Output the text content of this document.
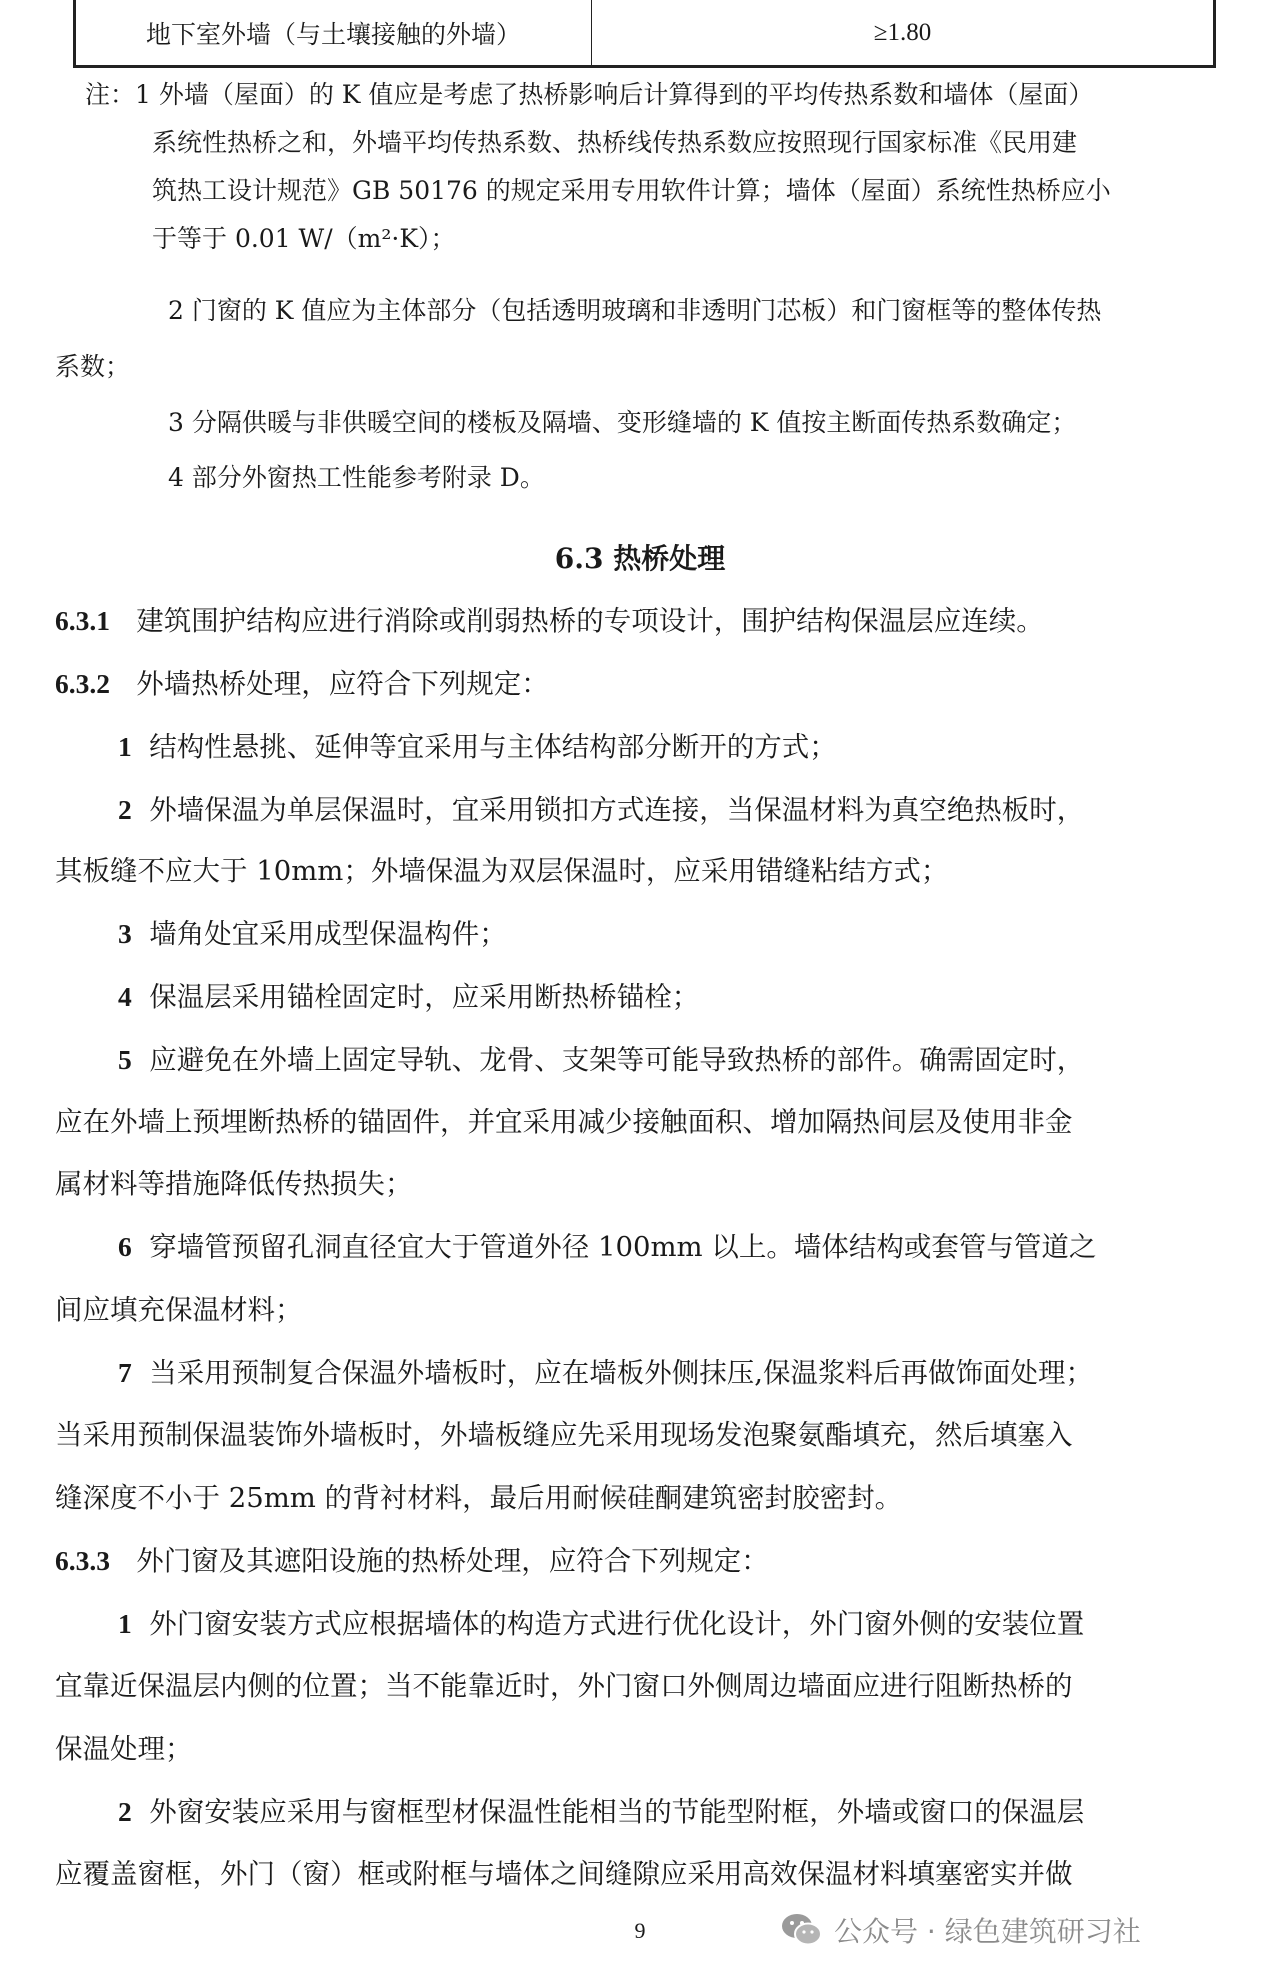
地下室外墙（与土壤接触的外墙）	≥1.80
注：1 外墙（屋面）的 K 值应是考虑了热桥影响后计算得到的平均传热系数和墙体（屋面）
系统性热桥之和，外墙平均传热系数、热桥线传热系数应按照现行国家标准《民用建
筑热工设计规范》GB 50176 的规定采用专用软件计算；墙体（屋面）系统性热桥应小
于等于 0.01 W/（m²·K）；
2 门窗的 K 值应为主体部分（包括透明玻璃和非透明门芯板）和门窗框等的整体传热
系数；
3 分隔供暖与非供暖空间的楼板及隔墙、变形缝墙的 K 值按主断面传热系数确定；
4 部分外窗热工性能参考附录 D。
6.3 热桥处理
6.3.1 建筑围护结构应进行消除或削弱热桥的专项设计，围护结构保温层应连续。
6.3.2 外墙热桥处理，应符合下列规定：
1 结构性悬挑、延伸等宜采用与主体结构部分断开的方式；
2 外墙保温为单层保温时，宜采用锁扣方式连接，当保温材料为真空绝热板时，
其板缝不应大于 10mm；外墙保温为双层保温时，应采用错缝粘结方式；
3 墙角处宜采用成型保温构件；
4 保温层采用锚栓固定时，应采用断热桥锚栓；
5 应避免在外墙上固定导轨、龙骨、支架等可能导致热桥的部件。确需固定时，
应在外墙上预埋断热桥的锚固件，并宜采用减少接触面积、增加隔热间层及使用非金
属材料等措施降低传热损失；
6 穿墙管预留孔洞直径宜大于管道外径 100mm 以上。墙体结构或套管与管道之
间应填充保温材料；
7 当采用预制复合保温外墙板时，应在墙板外侧抹压,保温浆料后再做饰面处理；
当采用预制保温装饰外墙板时，外墙板缝应先采用现场发泡聚氨酯填充，然后填塞入
缝深度不小于 25mm 的背衬材料，最后用耐候硅酮建筑密封胶密封。
6.3.3 外门窗及其遮阳设施的热桥处理，应符合下列规定：
1 外门窗安装方式应根据墙体的构造方式进行优化设计，外门窗外侧的安装位置
宜靠近保温层内侧的位置；当不能靠近时，外门窗口外侧周边墙面应进行阻断热桥的
保温处理；
2 外窗安装应采用与窗框型材保温性能相当的节能型附框，外墙或窗口的保温层
应覆盖窗框，外门（窗）框或附框与墙体之间缝隙应采用高效保温材料填塞密实并做
9	公众号 · 绿色建筑研习社
